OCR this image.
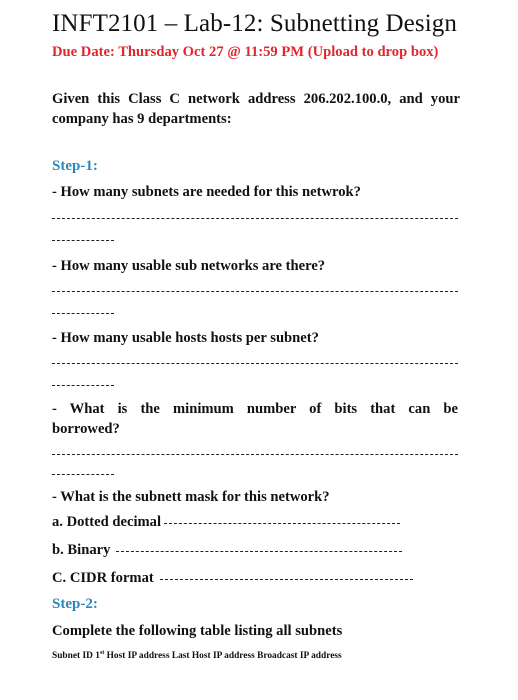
INFT2101 – Lab-12: Subnetting Design
Due Date: Thursday Oct 27 @ 11:59 PM (Upload to drop box)
Given this Class C network address 206.202.100.0, and your company has 9 departments:
Step-1:
- How many subnets are needed for this netwrok?
- How many usable sub networks are there?
- How many usable hosts hosts per subnet?
- What is the minimum number of bits that can be borrowed?
- What is the subnett mask for this network?
a. Dotted decimal
b. Binary
C. CIDR format
Step-2:
Complete the following table listing all subnets
Subnet ID 1st Host IP address Last Host IP address Broadcast IP address
